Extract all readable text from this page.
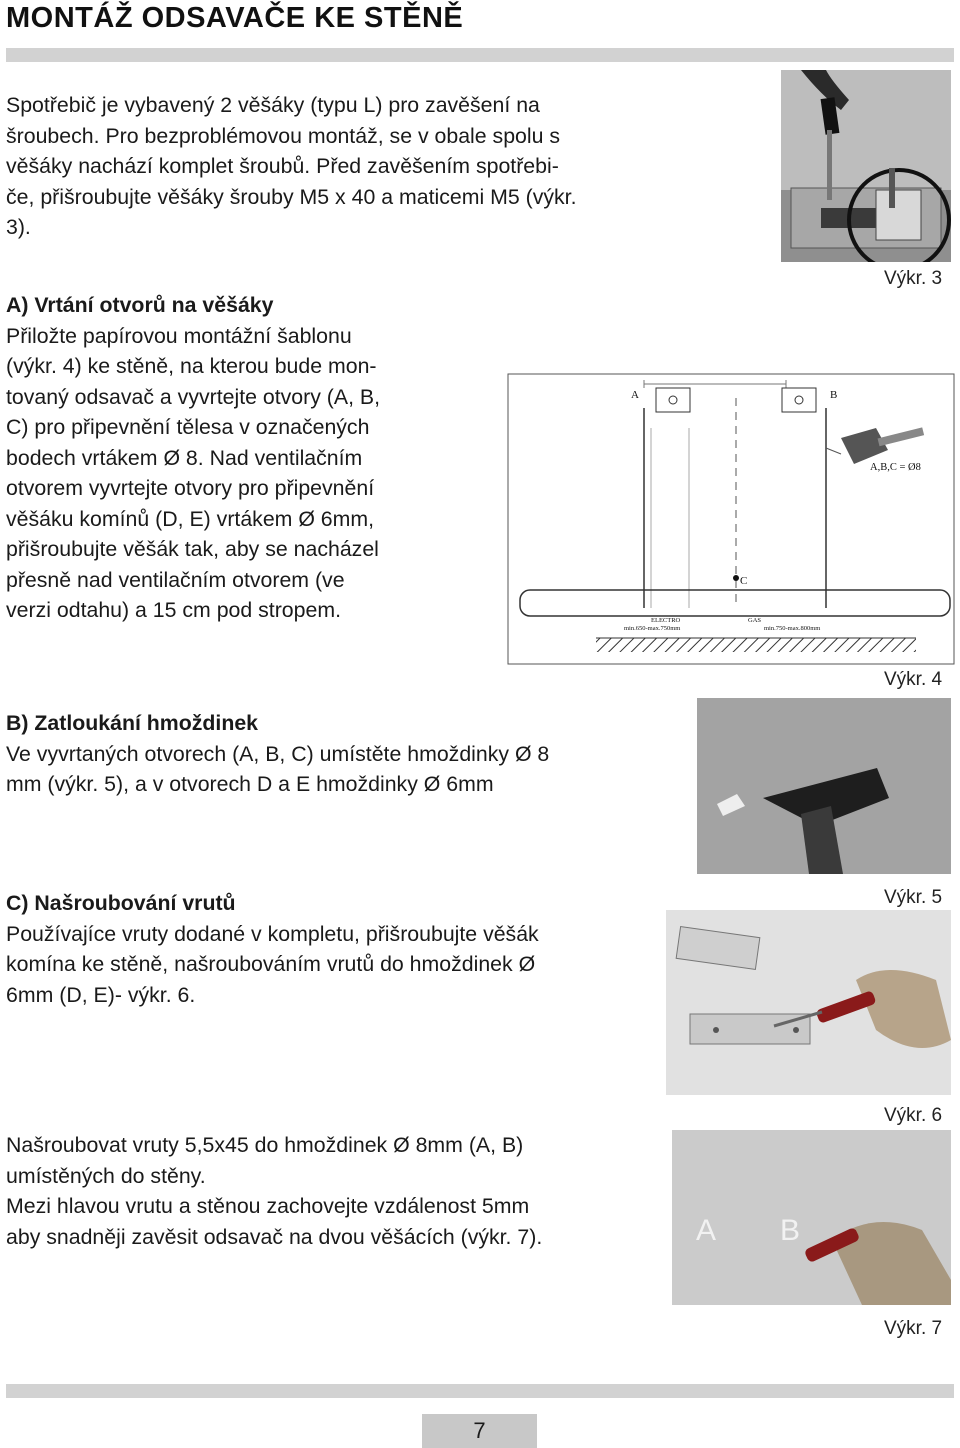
MONTÁŽ ODSAVAČE KE STĚNĚ

Spotřebič je vybavený 2 věšáky (typu L) pro zavěšení na

šroubech. Pro bezproblémovou montáž, se v obale spolu s

věšáky nachází komplet šroubů. Před zavěšením spotřebi-

če, přišroubujte věšáky šrouby M5 x 40 a maticemi M5 (výkr.

3).

Výkr. 3

A) Vrtání otvorů na věšáky

Přiložte papírovou montážní šablonu

(výkr. 4) ke stěně, na kterou bude mon-

tovaný odsavač a vyvrtejte otvory (A, B,

C) pro připevnění tělesa v označených

bodech vrtákem Ø 8. Nad ventilačním

otvorem vyvrtejte otvory pro připevnění

věšáku komínů (D, E) vrtákem Ø 6mm,

přišroubujte věšák tak, aby se nacházel

přesně nad ventilačním otvorem (ve

verzi odtahu) a 15 cm pod stropem.

A	B
C
A,B,C = Ø8
ELECTRO
min.650-max.750mm
GAS
min.750-max.800mm
Výkr. 4

B) Zatloukání hmoždinek

Ve vyvrtaných otvorech (A, B, C) umístěte hmoždinky Ø 8

mm (výkr. 5), a v otvorech D a E hmoždinky Ø 6mm

Výkr. 5

C) Našroubování vrutů

Používajíce vruty dodané v kompletu, přišroubujte věšák

komína ke stěně, našroubováním vrutů do hmoždinek Ø

6mm (D, E)- výkr. 6.

Výkr. 6

Našroubovat vruty 5,5x45 do hmoždinek Ø 8mm (A, B)

umístěných do stěny.

Mezi hlavou vrutu a stěnou zachovejte vzdálenost 5mm

aby snadněji zavěsit odsavač na dvou věšácích (výkr. 7).	A B
Výkr. 7
7
